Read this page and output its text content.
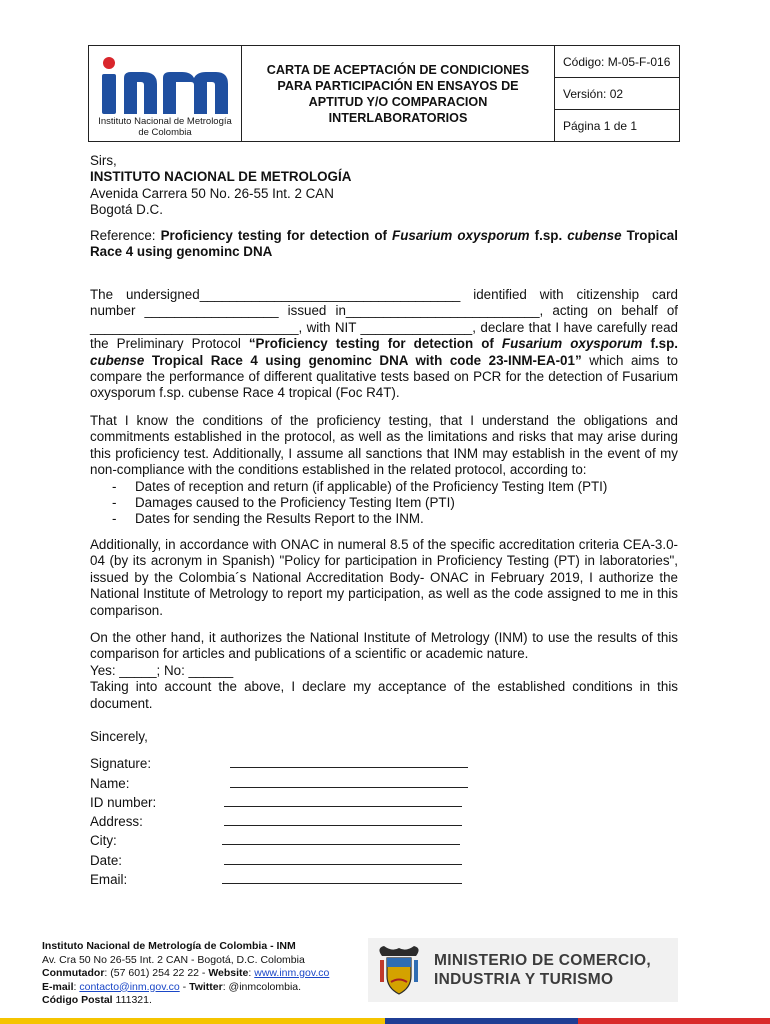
Instituto Nacional de Metrología
de Colombia
CARTA DE ACEPTACIÓN DE CONDICIONES
PARA PARTICIPACIÓN EN ENSAYOS DE
APTITUD Y/O COMPARACION
INTERLABORATORIOS
Código: M-05-F-016
Versión: 02
Página 1 de 1

Sirs,

INSTITUTO NACIONAL DE METROLOGÍA

Avenida Carrera 50 No. 26-55 Int. 2 CAN

Bogotá D.C.

Reference: Proficiency testing for detection of Fusarium oxysporum f.sp. cubense Tropical Race 4 using genominc DNA

The undersigned___________________________________ identified with citizenship card number __________________ issued in__________________________, acting on behalf of ____________________________, with NIT _______________, declare that I have carefully read the Preliminary Protocol “Proficiency testing for detection of Fusarium oxysporum f.sp. cubense Tropical Race 4 using genominc DNA with code 23-INM-EA-01” which aims to compare the performance of different qualitative tests based on PCR for the detection of Fusarium oxysporum f.sp. cubense Race 4 tropical (Foc R4T).

That I know the conditions of the proficiency testing, that I understand the obligations and commitments established in the protocol, as well as the limitations and risks that may arise during this proficiency test. Additionally, I assume all sanctions that INM may establish in the event of my non-compliance with the conditions established in the related protocol, according to:

- Dates of reception and return (if applicable) of the Proficiency Testing Item (PTI)
- Damages caused to the Proficiency Testing Item (PTI)
- Dates for sending the Results Report to the INM.

Additionally, in accordance with ONAC in numeral 8.5 of the specific accreditation criteria CEA-3.0-04 (by its acronym in Spanish) "Policy for participation in Proficiency Testing (PT) in laboratories", issued by the Colombia´s National Accreditation Body- ONAC in February 2019, I authorize the National Institute of Metrology to report my participation, as well as the code assigned to me in this comparison.

On the other hand, it authorizes the National Institute of Metrology (INM) to use the results of this comparison for articles and publications of a scientific or academic nature.

Yes: _____; No: ______

Taking into account the above, I declare my acceptance of the established conditions in this document.

Sincerely,

Signature:
Name:
ID number:
Address:
City:
Date:
Email:
Instituto Nacional de Metrología de Colombia - INM
Av. Cra 50 No 26-55 Int. 2 CAN - Bogotá, D.C. Colombia
Conmutador: (57 601) 254 22 22 - Website: www.inm.gov.co
E-mail: contacto@inm.gov.co - Twitter: @inmcolombia.
Código Postal 111321.
MINISTERIO DE COMERCIO,
INDUSTRIA Y TURISMO
